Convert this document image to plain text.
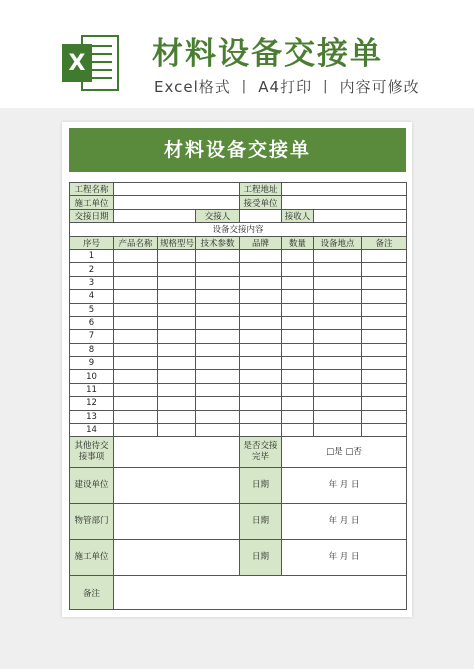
X 材料设备交接单
Excel格式 丨 A4打印 丨 内容可修改
材料设备交接单
工程名称				工程地址			
施工单位				接受单位			
交接日期			交接人		接收人		
设备交接内容							
序号	产品名称	规格型号	技术参数	品牌	数量	设备地点	备注
1							
2							
3							
4							
5							
6							
7							
8							
9							
10							
11							
12							
13							
14							
其他待交接事项				是否交接完毕	□是 □否		
建设单位				日期	年 月 日		
物管部门				日期	年 月 日		
施工单位				日期	年 月 日		
备注							
